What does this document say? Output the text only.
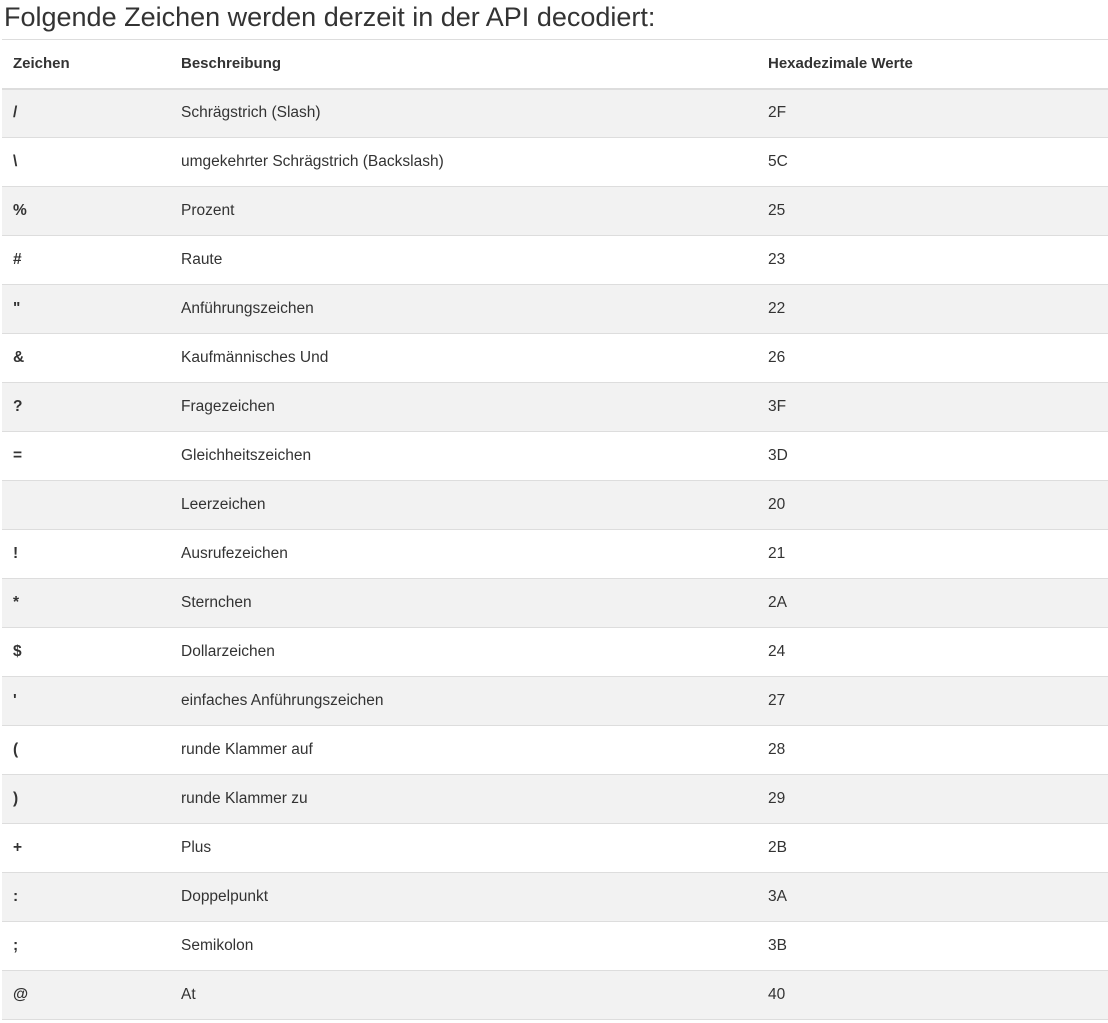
Folgende Zeichen werden derzeit in der API decodiert:
Zeichen	Beschreibung	Hexadezimale Werte
/	Schrägstrich (Slash)	2F
\	umgekehrter Schrägstrich (Backslash)	5C
%	Prozent	25
#	Raute	23
"	Anführungszeichen	22
&	Kaufmännisches Und	26
?	Fragezeichen	3F
=	Gleichheitszeichen	3D
	Leerzeichen	20
!	Ausrufezeichen	21
*	Sternchen	2A
$	Dollarzeichen	24
'	einfaches Anführungszeichen	27
(	runde Klammer auf	28
)	runde Klammer zu	29
+	Plus	2B
:	Doppelpunkt	3A
;	Semikolon	3B
@	At	40
